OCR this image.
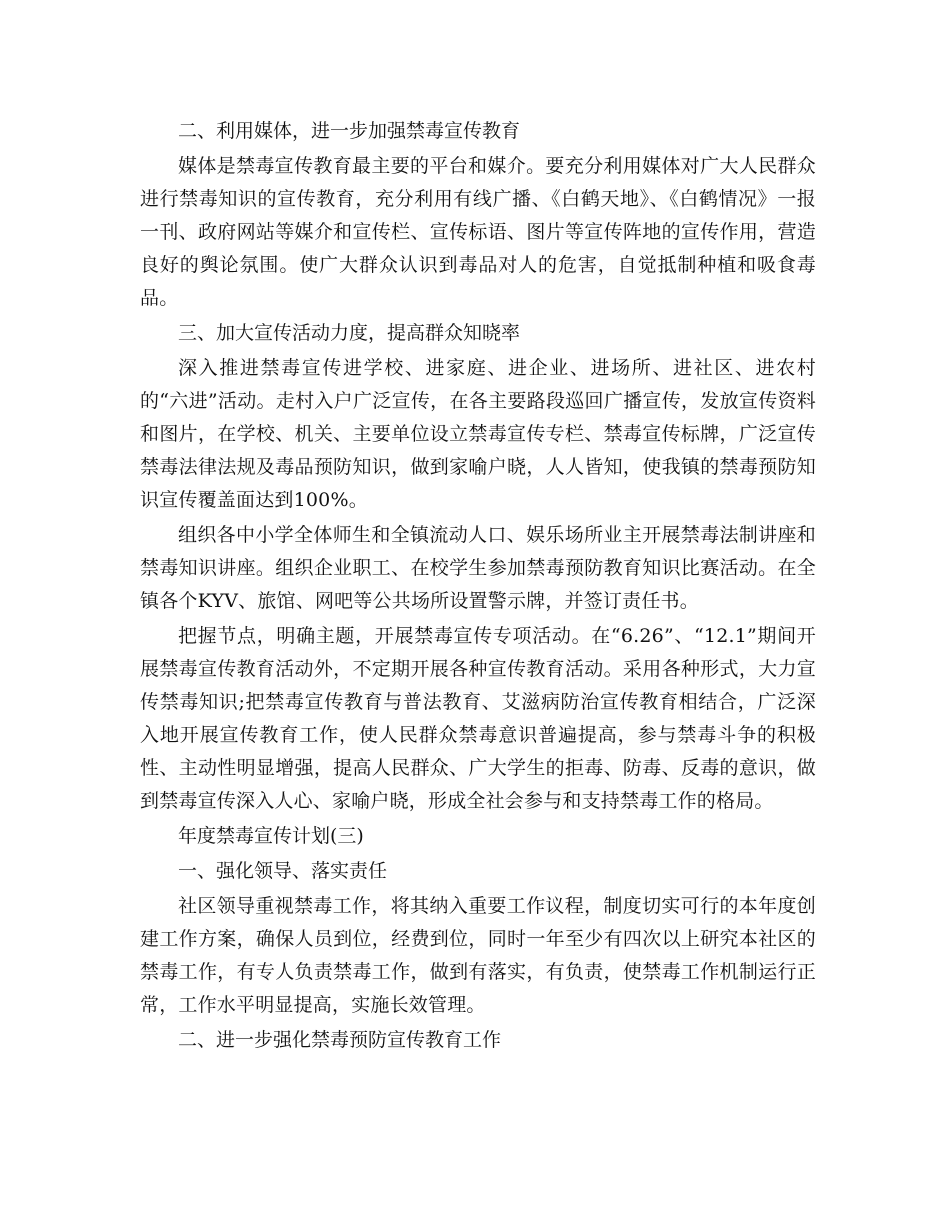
二、利用媒体，进一步加强禁毒宣传教育

媒体是禁毒宣传教育最主要的平台和媒介。要充分利用媒体对广大人民群众进行禁毒知识的宣传教育，充分利用有线广播、《白鹤天地》、《白鹤情况》一报一刊、政府网站等媒介和宣传栏、宣传标语、图片等宣传阵地的宣传作用，营造良好的舆论氛围。使广大群众认识到毒品对人的危害，自觉抵制种植和吸食毒品。

三、加大宣传活动力度，提高群众知晓率

深入推进禁毒宣传进学校、进家庭、进企业、进场所、进社区、进农村的“六进”活动。走村入户广泛宣传，在各主要路段巡回广播宣传，发放宣传资料和图片，在学校、机关、主要单位设立禁毒宣传专栏、禁毒宣传标牌，广泛宣传禁毒法律法规及毒品预防知识，做到家喻户晓，人人皆知，使我镇的禁毒预防知识宣传覆盖面达到100%。

组织各中小学全体师生和全镇流动人口、娱乐场所业主开展禁毒法制讲座和禁毒知识讲座。组织企业职工、在校学生参加禁毒预防教育知识比赛活动。在全镇各个KYV、旅馆、网吧等公共场所设置警示牌，并签订责任书。

把握节点，明确主题，开展禁毒宣传专项活动。在“6.26”、“12.1”期间开展禁毒宣传教育活动外，不定期开展各种宣传教育活动。采用各种形式，大力宣传禁毒知识;把禁毒宣传教育与普法教育、艾滋病防治宣传教育相结合，广泛深入地开展宣传教育工作，使人民群众禁毒意识普遍提高，参与禁毒斗争的积极性、主动性明显增强，提高人民群众、广大学生的拒毒、防毒、反毒的意识，做到禁毒宣传深入人心、家喻户晓，形成全社会参与和支持禁毒工作的格局。

年度禁毒宣传计划(三)

一、强化领导、落实责任

社区领导重视禁毒工作，将其纳入重要工作议程，制度切实可行的本年度创建工作方案，确保人员到位，经费到位，同时一年至少有四次以上研究本社区的禁毒工作，有专人负责禁毒工作，做到有落实，有负责，使禁毒工作机制运行正常，工作水平明显提高，实施长效管理。

二、进一步强化禁毒预防宣传教育工作
